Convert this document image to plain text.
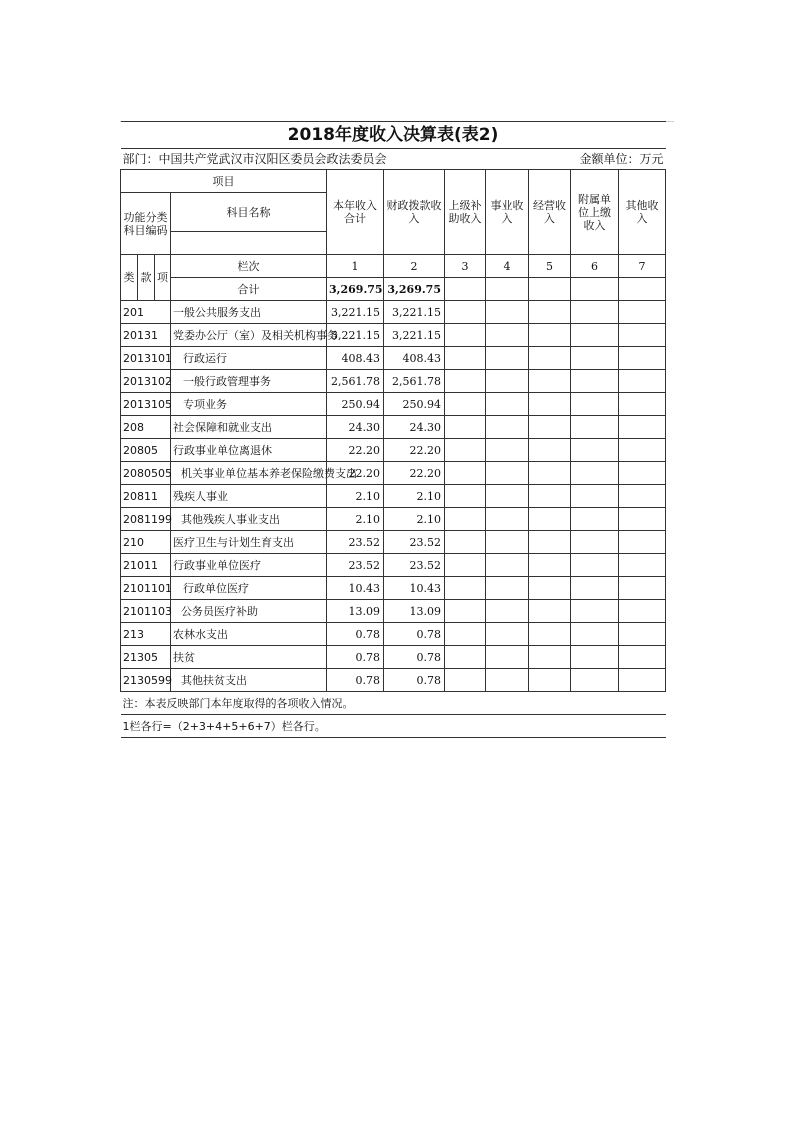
2018年度收入决算表(表2)										
部门：中国共产党武汉市汉阳区委员会政法委员会								金额单位：万元		
项目				本年收入合计	财政拨款收入	上级补助收入	事业收入	经营收入	附属单位上缴收入	其他收入
功能分类 科目编码			科目名称							

类	款	项	栏次	1	2	3	4	5	6	7
			合计	3,269.75	3,269.75					
201			一般公共服务支出	3,221.15	3,221.15					
20131			党委办公厅（室）及相关机构事务	3,221.15	3,221.15					
2013101			行政运行	408.43	408.43					
2013102			一般行政管理事务	2,561.78	2,561.78					
2013105			专项业务	250.94	250.94					
208			社会保障和就业支出	24.30	24.30					
20805			行政事业单位离退休	22.20	22.20					
2080505			机关事业单位基本养老保险缴费支出	22.20	22.20					
20811			残疾人事业	2.10	2.10					
2081199			其他残疾人事业支出	2.10	2.10					
210			医疗卫生与计划生育支出	23.52	23.52					
21011			行政事业单位医疗	23.52	23.52					
2101101			行政单位医疗	10.43	10.43					
2101103			公务员医疗补助	13.09	13.09					
213			农林水支出	0.78	0.78					
21305			扶贫	0.78	0.78					
2130599			其他扶贫支出	0.78	0.78					
注：本表反映部门本年度取得的各项收入情况。										
1栏各行=（2+3+4+5+6+7）栏各行。										
